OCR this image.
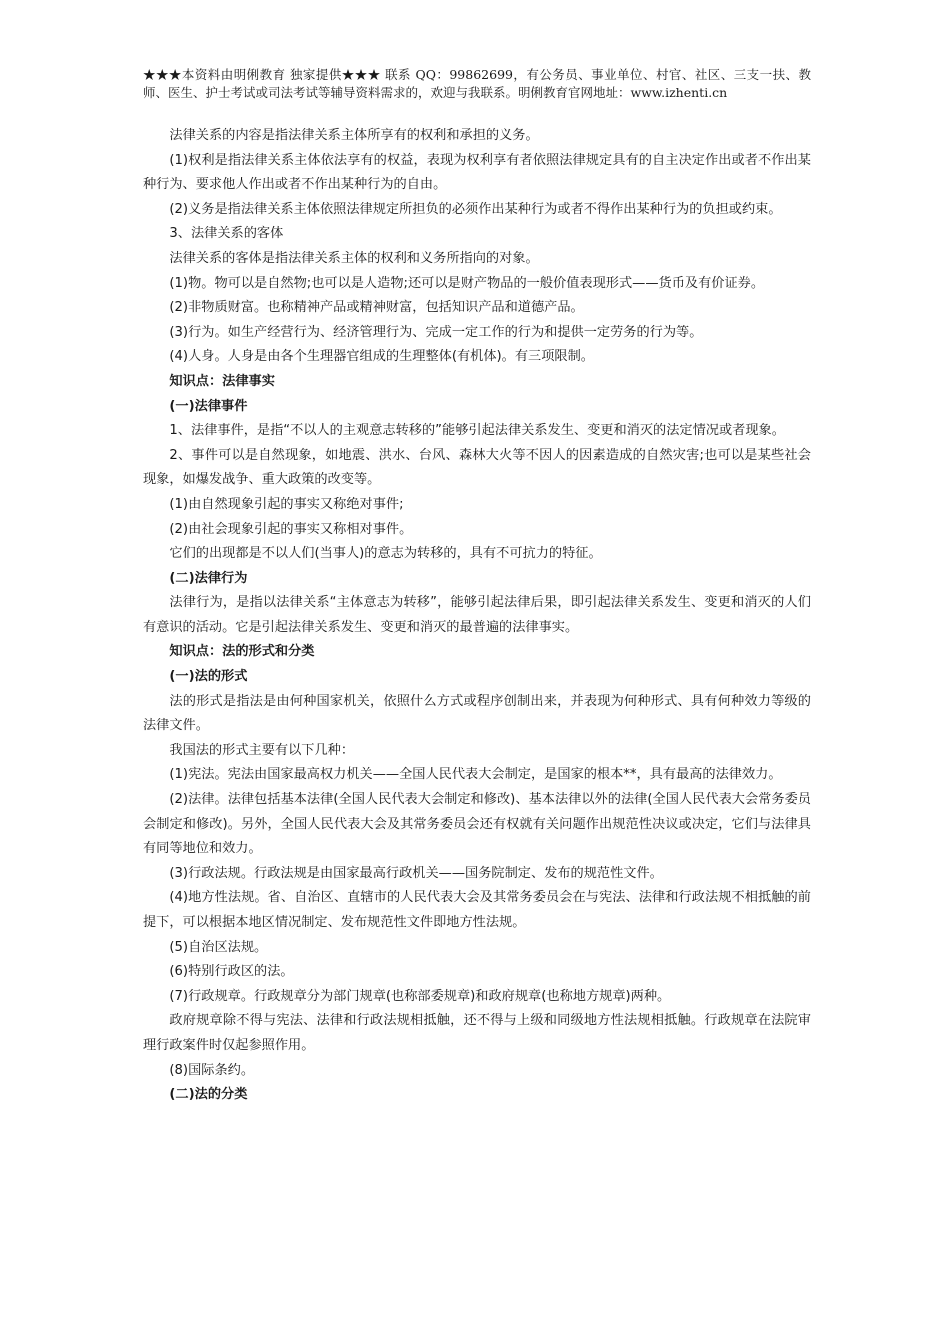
★★★本资料由明俐教育 独家提供★★★ 联系 QQ：99862699，有公务员、事业单位、村官、社区、三支一扶、教师、医生、护士考试或司法考试等辅导资料需求的，欢迎与我联系。明俐教育官网地址：www.izhenti.cn

法律关系的内容是指法律关系主体所享有的权利和承担的义务。

(1)权利是指法律关系主体依法享有的权益，表现为权利享有者依照法律规定具有的自主决定作出或者不作出某种行为、要求他人作出或者不作出某种行为的自由。

(2)义务是指法律关系主体依照法律规定所担负的必须作出某种行为或者不得作出某种行为的负担或约束。

3、法律关系的客体

法律关系的客体是指法律关系主体的权利和义务所指向的对象。

(1)物。物可以是自然物;也可以是人造物;还可以是财产物品的一般价值表现形式——货币及有价证券。

(2)非物质财富。也称精神产品或精神财富，包括知识产品和道德产品。

(3)行为。如生产经营行为、经济管理行为、完成一定工作的行为和提供一定劳务的行为等。

(4)人身。人身是由各个生理器官组成的生理整体(有机体)。有三项限制。

知识点：法律事实

(一)法律事件

1、法律事件，是指“不以人的主观意志转移的”能够引起法律关系发生、变更和消灭的法定情况或者现象。

2、事件可以是自然现象，如地震、洪水、台风、森林大火等不因人的因素造成的自然灾害;也可以是某些社会现象，如爆发战争、重大政策的改变等。

(1)由自然现象引起的事实又称绝对事件;

(2)由社会现象引起的事实又称相对事件。

它们的出现都是不以人们(当事人)的意志为转移的，具有不可抗力的特征。

(二)法律行为

法律行为，是指以法律关系“主体意志为转移”，能够引起法律后果，即引起法律关系发生、变更和消灭的人们有意识的活动。它是引起法律关系发生、变更和消灭的最普遍的法律事实。

知识点：法的形式和分类

(一)法的形式

法的形式是指法是由何种国家机关，依照什么方式或程序创制出来，并表现为何种形式、具有何种效力等级的法律文件。

我国法的形式主要有以下几种：

(1)宪法。宪法由国家最高权力机关——全国人民代表大会制定，是国家的根本**，具有最高的法律效力。

(2)法律。法律包括基本法律(全国人民代表大会制定和修改)、基本法律以外的法律(全国人民代表大会常务委员会制定和修改)。另外，全国人民代表大会及其常务委员会还有权就有关问题作出规范性决议或决定，它们与法律具有同等地位和效力。

(3)行政法规。行政法规是由国家最高行政机关——国务院制定、发布的规范性文件。

(4)地方性法规。省、自治区、直辖市的人民代表大会及其常务委员会在与宪法、法律和行政法规不相抵触的前提下，可以根据本地区情况制定、发布规范性文件即地方性法规。

(5)自治区法规。

(6)特别行政区的法。

(7)行政规章。行政规章分为部门规章(也称部委规章)和政府规章(也称地方规章)两种。

政府规章除不得与宪法、法律和行政法规相抵触，还不得与上级和同级地方性法规相抵触。行政规章在法院审理行政案件时仅起参照作用。

(8)国际条约。

(二)法的分类
